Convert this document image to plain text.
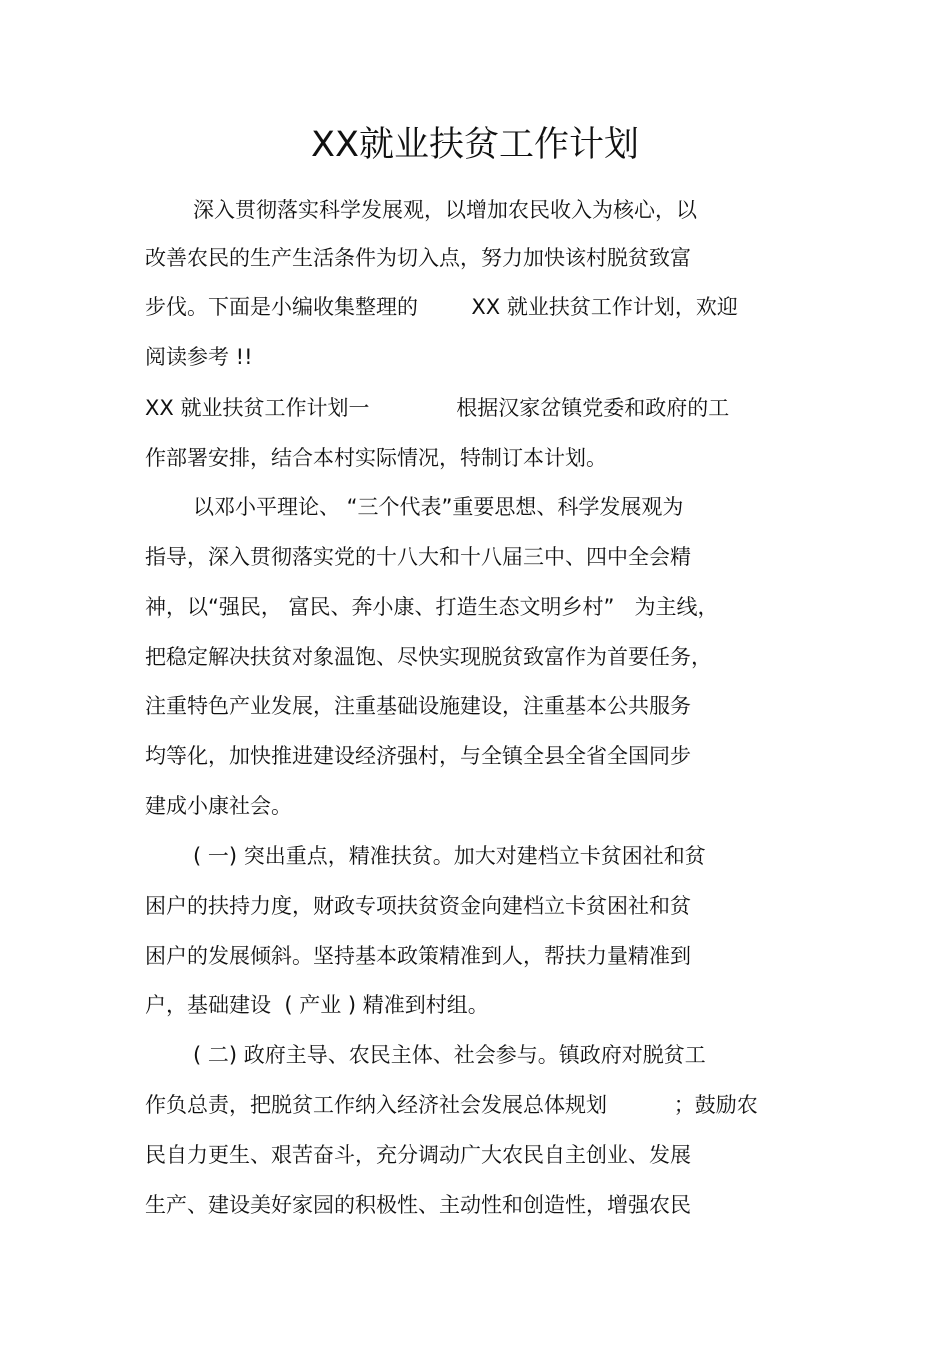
XX就业扶贫工作计划
深入贯彻落实科学发展观，以增加农民收入为核心，以
改善农民的生产生活条件为切入点，努力加快该村脱贫致富
步伐。下面是小编收集整理的        XX 就业扶贫工作计划，欢迎
阅读参考 !!
XX 就业扶贫工作计划一             根据汉家岔镇党委和政府的工
作部署安排，结合本村实际情况，特制订本计划。
以邓小平理论、 “三个代表”重要思想、科学发展观为
指导，深入贯彻落实党的十八大和十八届三中、四中全会精
神，以“强民， 富民、奔小康、打造生态文明乡村”   为主线，
把稳定解决扶贫对象温饱、尽快实现脱贫致富作为首要任务，
注重特色产业发展，注重基础设施建设，注重基本公共服务
均等化，加快推进建设经济强村，与全镇全县全省全国同步
建成小康社会。
( 一) 突出重点，精准扶贫。加大对建档立卡贫困社和贫
困户的扶持力度，财政专项扶贫资金向建档立卡贫困社和贫
困户的发展倾斜。坚持基本政策精准到人，帮扶力量精准到
户，基础建设  ( 产业 ) 精准到村组。
( 二) 政府主导、农民主体、社会参与。镇政府对脱贫工
作负总责，把脱贫工作纳入经济社会发展总体规划          ；鼓励农
民自力更生、艰苦奋斗，充分调动广大农民自主创业、发展
生产、建设美好家园的积极性、主动性和创造性，增强农民
